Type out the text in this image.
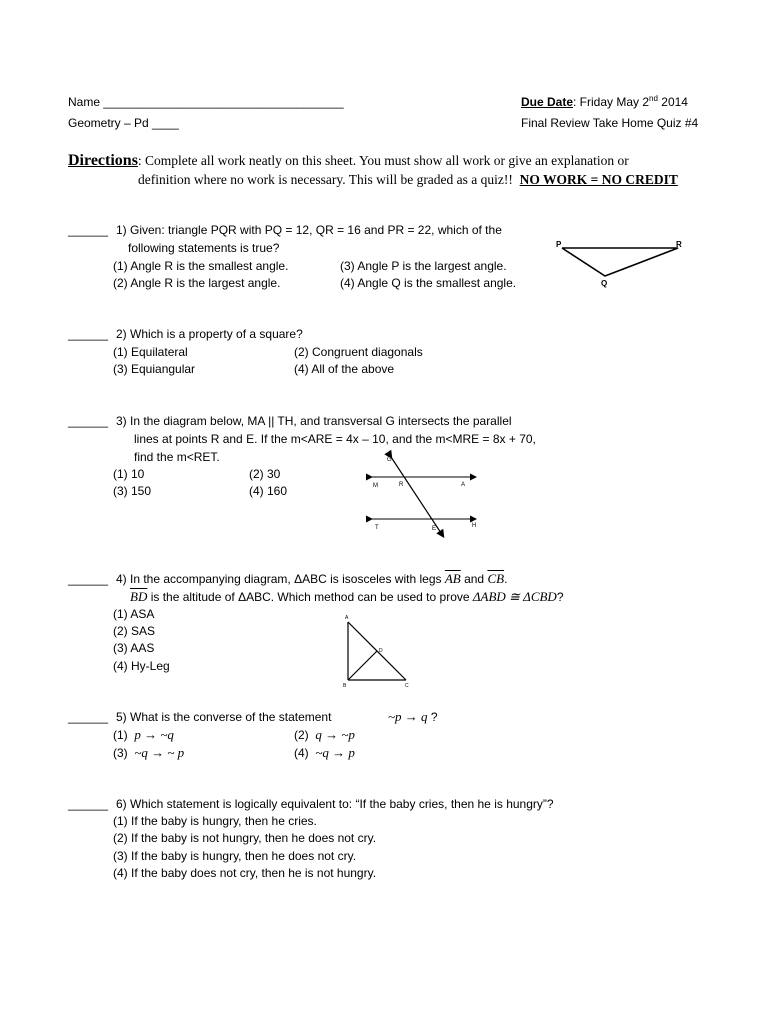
Name ____________________________________
Geometry – Pd ____
Due Date: Friday May 2nd 2014
Final Review Take Home Quiz #4
Directions: Complete all work neatly on this sheet. You must show all work or give an explanation or
definition where no work is necessary. This will be graded as a quiz!! NO WORK = NO CREDIT
______ 1) Given: triangle PQR with PQ = 12, QR = 16 and PR = 22, which of the
following statements is true?
(1) Angle R is the smallest angle.	(3) Angle P is the largest angle.
(2) Angle R is the largest angle.	(4) Angle Q is the smallest angle.
P	R
Q
______ 2) Which is a property of a square?
(1) Equilateral	(2) Congruent diagonals
(3) Equiangular	(4) All of the above
______ 3) In the diagram below, MA || TH, and transversal G intersects the parallel
lines at points R and E. If the m<ARE = 4x – 10, and the m<MRE = 8x + 70,
find the m<RET.
(1) 10	(2) 30
(3) 150	(4) 160
G
M	R	A
T	E	H
______ 4) In the accompanying diagram, ΔABC is isosceles with legs $\overline{AB}$ and $\overline{CB}$.
$\overline{BD}$ is the altitude of ΔABC. Which method can be used to prove ΔABD ≅ ΔCBD?
(1) ASA
(2) SAS
(3) AAS
(4) Hy-Leg
A
D
B	C
______ 5) What is the converse of the statement	~p → q ?
(1) p → ~q	(2) q → ~p
(3) ~q → ~ p	(4) ~q → p
______ 6) Which statement is logically equivalent to: “If the baby cries, then he is hungry”?
(1) If the baby is hungry, then he cries.
(2) If the baby is not hungry, then he does not cry.
(3) If the baby is hungry, then he does not cry.
(4) If the baby does not cry, then he is not hungry.
